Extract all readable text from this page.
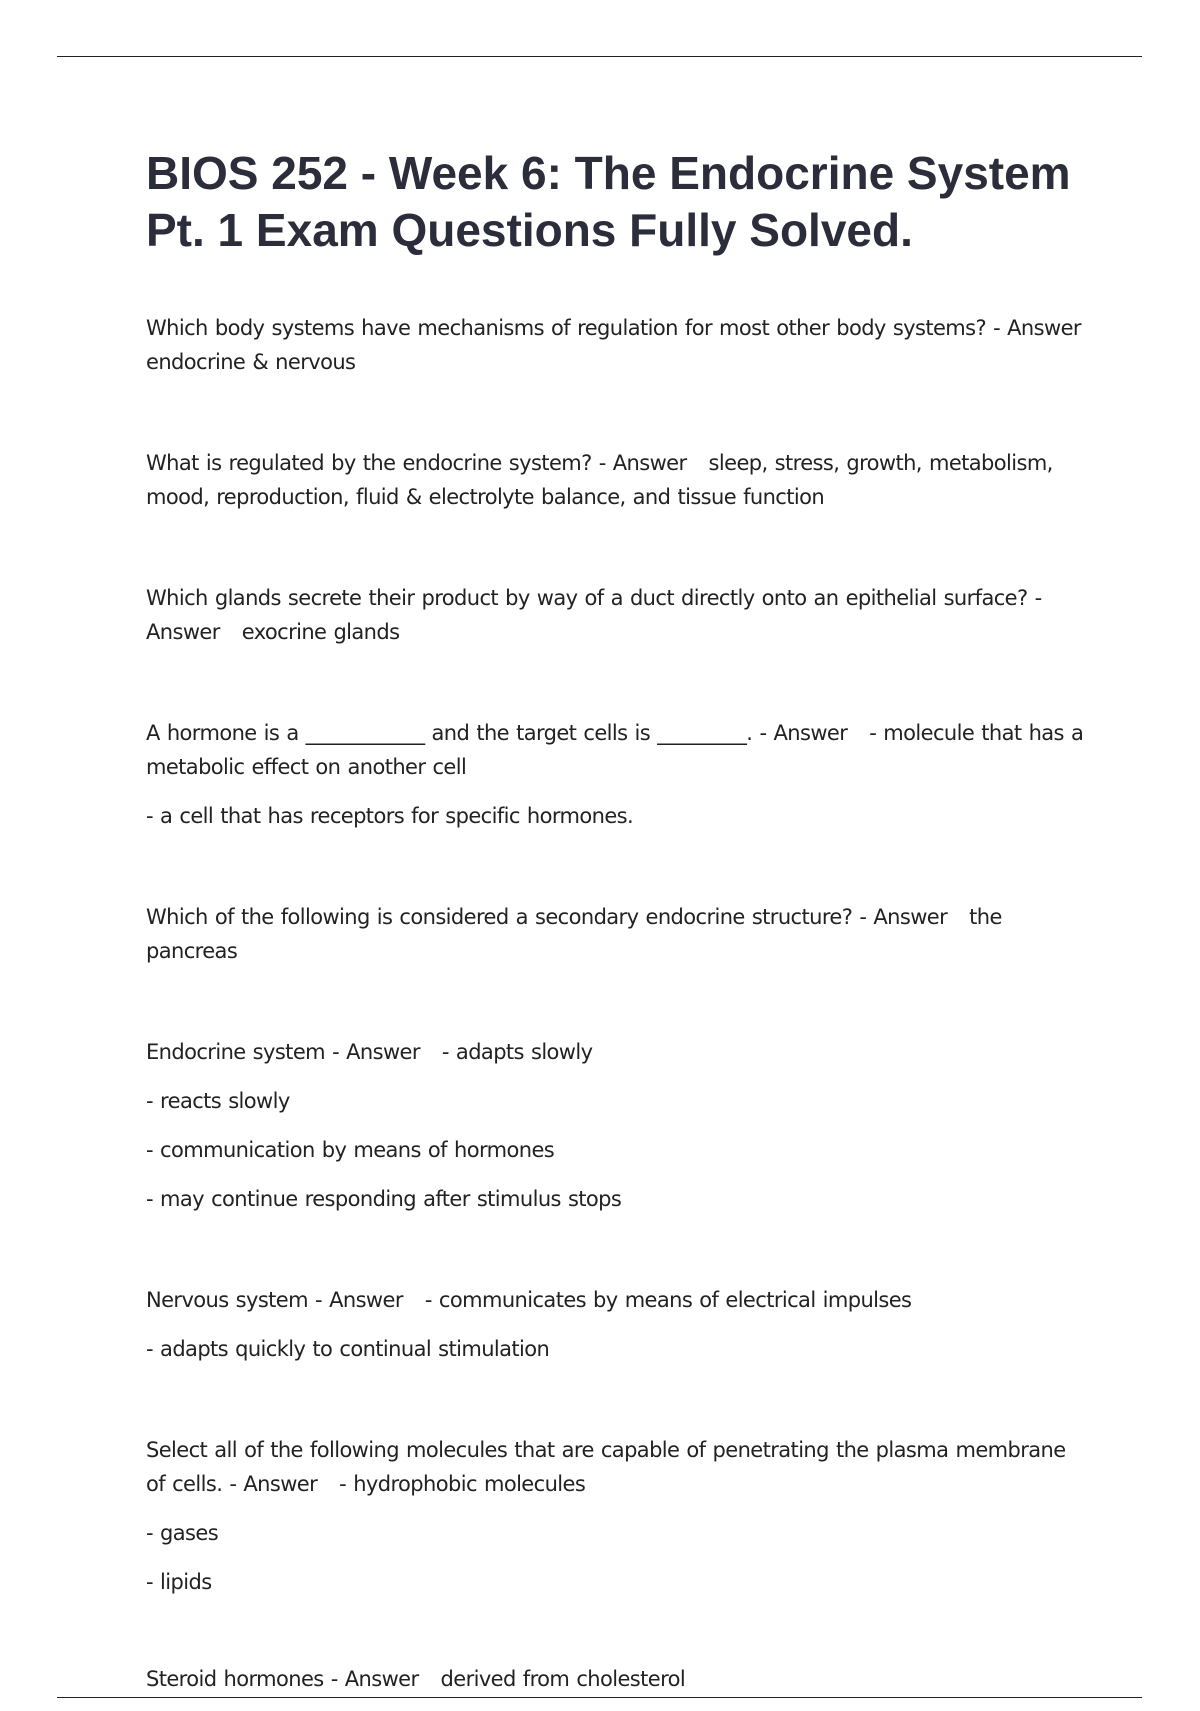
BIOS 252 - Week 6: The Endocrine System Pt. 1 Exam Questions Fully Solved.

Which body systems have mechanisms of regulation for most other body systems? - Answer endocrine & nervous

What is regulated by the endocrine system? - Answer sleep, stress, growth, metabolism, mood, reproduction, fluid & electrolyte balance, and tissue function

Which glands secrete their product by way of a duct directly onto an epithelial surface? - Answer exocrine glands

A hormone is a ____________ and the target cells is _________. - Answer - molecule that has a metabolic effect on another cell

- a cell that has receptors for specific hormones.

Which of the following is considered a secondary endocrine structure? - Answer the pancreas

Endocrine system - Answer - adapts slowly

- reacts slowly

- communication by means of hormones

- may continue responding after stimulus stops

Nervous system - Answer - communicates by means of electrical impulses

- adapts quickly to continual stimulation

Select all of the following molecules that are capable of penetrating the plasma membrane of cells. - Answer - hydrophobic molecules

- gases

- lipids

Steroid hormones - Answer derived from cholesterol
